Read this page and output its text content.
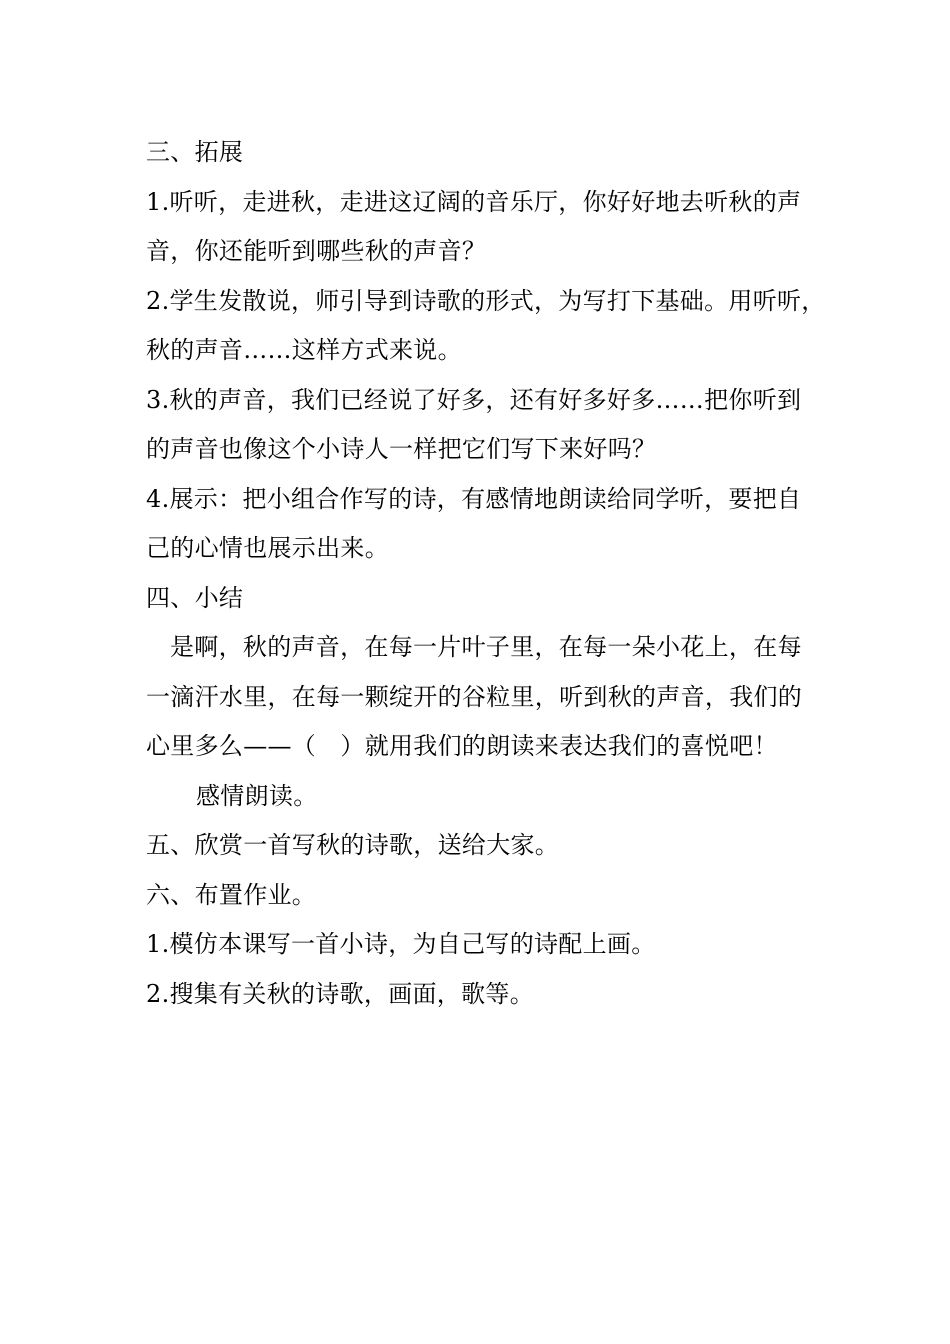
三、拓展
1.听听，走进秋，走进这辽阔的音乐厅，你好好地去听秋的声
音，你还能听到哪些秋的声音？
2.学生发散说，师引导到诗歌的形式，为写打下基础。用听听，
秋的声音……这样方式来说。
3.秋的声音，我们已经说了好多，还有好多好多……把你听到
的声音也像这个小诗人一样把它们写下来好吗？
4.展示：把小组合作写的诗，有感情地朗读给同学听，要把自
己的心情也展示出来。
四、小结
是啊，秋的声音，在每一片叶子里，在每一朵小花上，在每
一滴汗水里，在每一颗绽开的谷粒里，听到秋的声音，我们的
心里多么——（　）就用我们的朗读来表达我们的喜悦吧！
感情朗读。
五、欣赏一首写秋的诗歌，送给大家。
六、布置作业。
1.模仿本课写一首小诗，为自己写的诗配上画。
2.搜集有关秋的诗歌，画面，歌等。
